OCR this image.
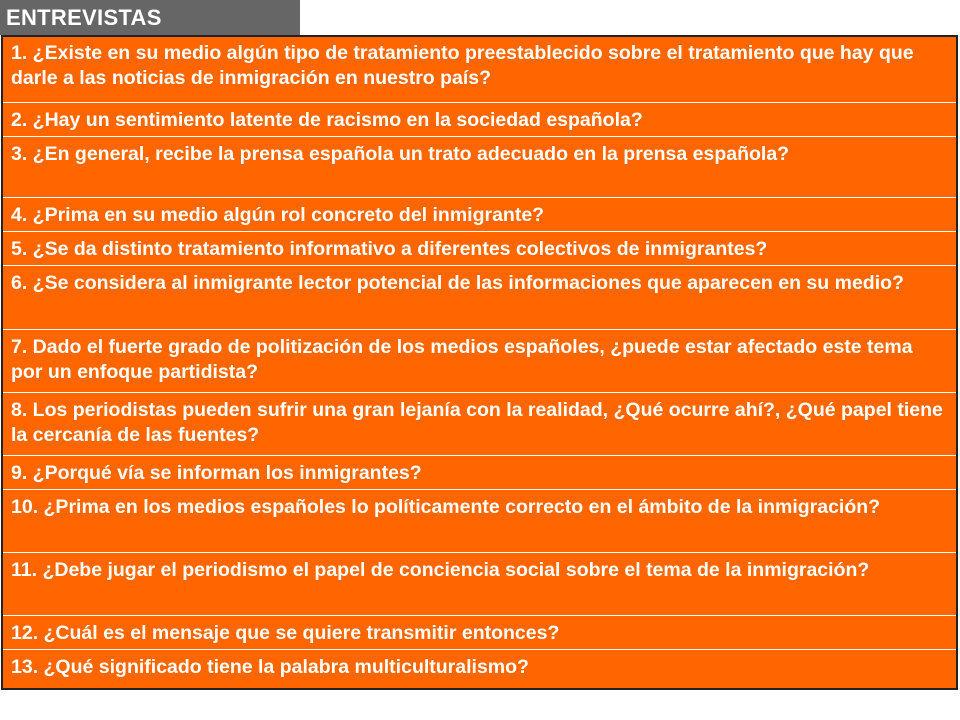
ENTREVISTAS
1. ¿Existe en su medio algún tipo de tratamiento preestablecido sobre el tratamiento que hay que darle a las noticias de inmigración en nuestro país?
2. ¿Hay un sentimiento latente de racismo en la sociedad española?
3. ¿En general, recibe la prensa española un trato adecuado en la prensa española?
4. ¿Prima en su medio algún rol concreto del inmigrante?
5. ¿Se da distinto tratamiento informativo a diferentes colectivos de inmigrantes?
6. ¿Se considera al inmigrante lector potencial de las informaciones que aparecen en su medio?
7. Dado el fuerte grado de politización de los medios españoles, ¿puede estar afectado este tema por un enfoque partidista?
8. Los periodistas pueden sufrir una gran lejanía con la realidad, ¿Qué ocurre ahí?, ¿Qué papel tiene la cercanía de las fuentes?
9. ¿Porqué vía se informan los inmigrantes?
10. ¿Prima en los medios españoles lo políticamente correcto en el ámbito de la inmigración?
11. ¿Debe jugar el periodismo el papel de conciencia social sobre el tema de la inmigración?
12. ¿Cuál es el mensaje que se quiere transmitir entonces?
13. ¿Qué significado tiene la palabra multiculturalismo?
